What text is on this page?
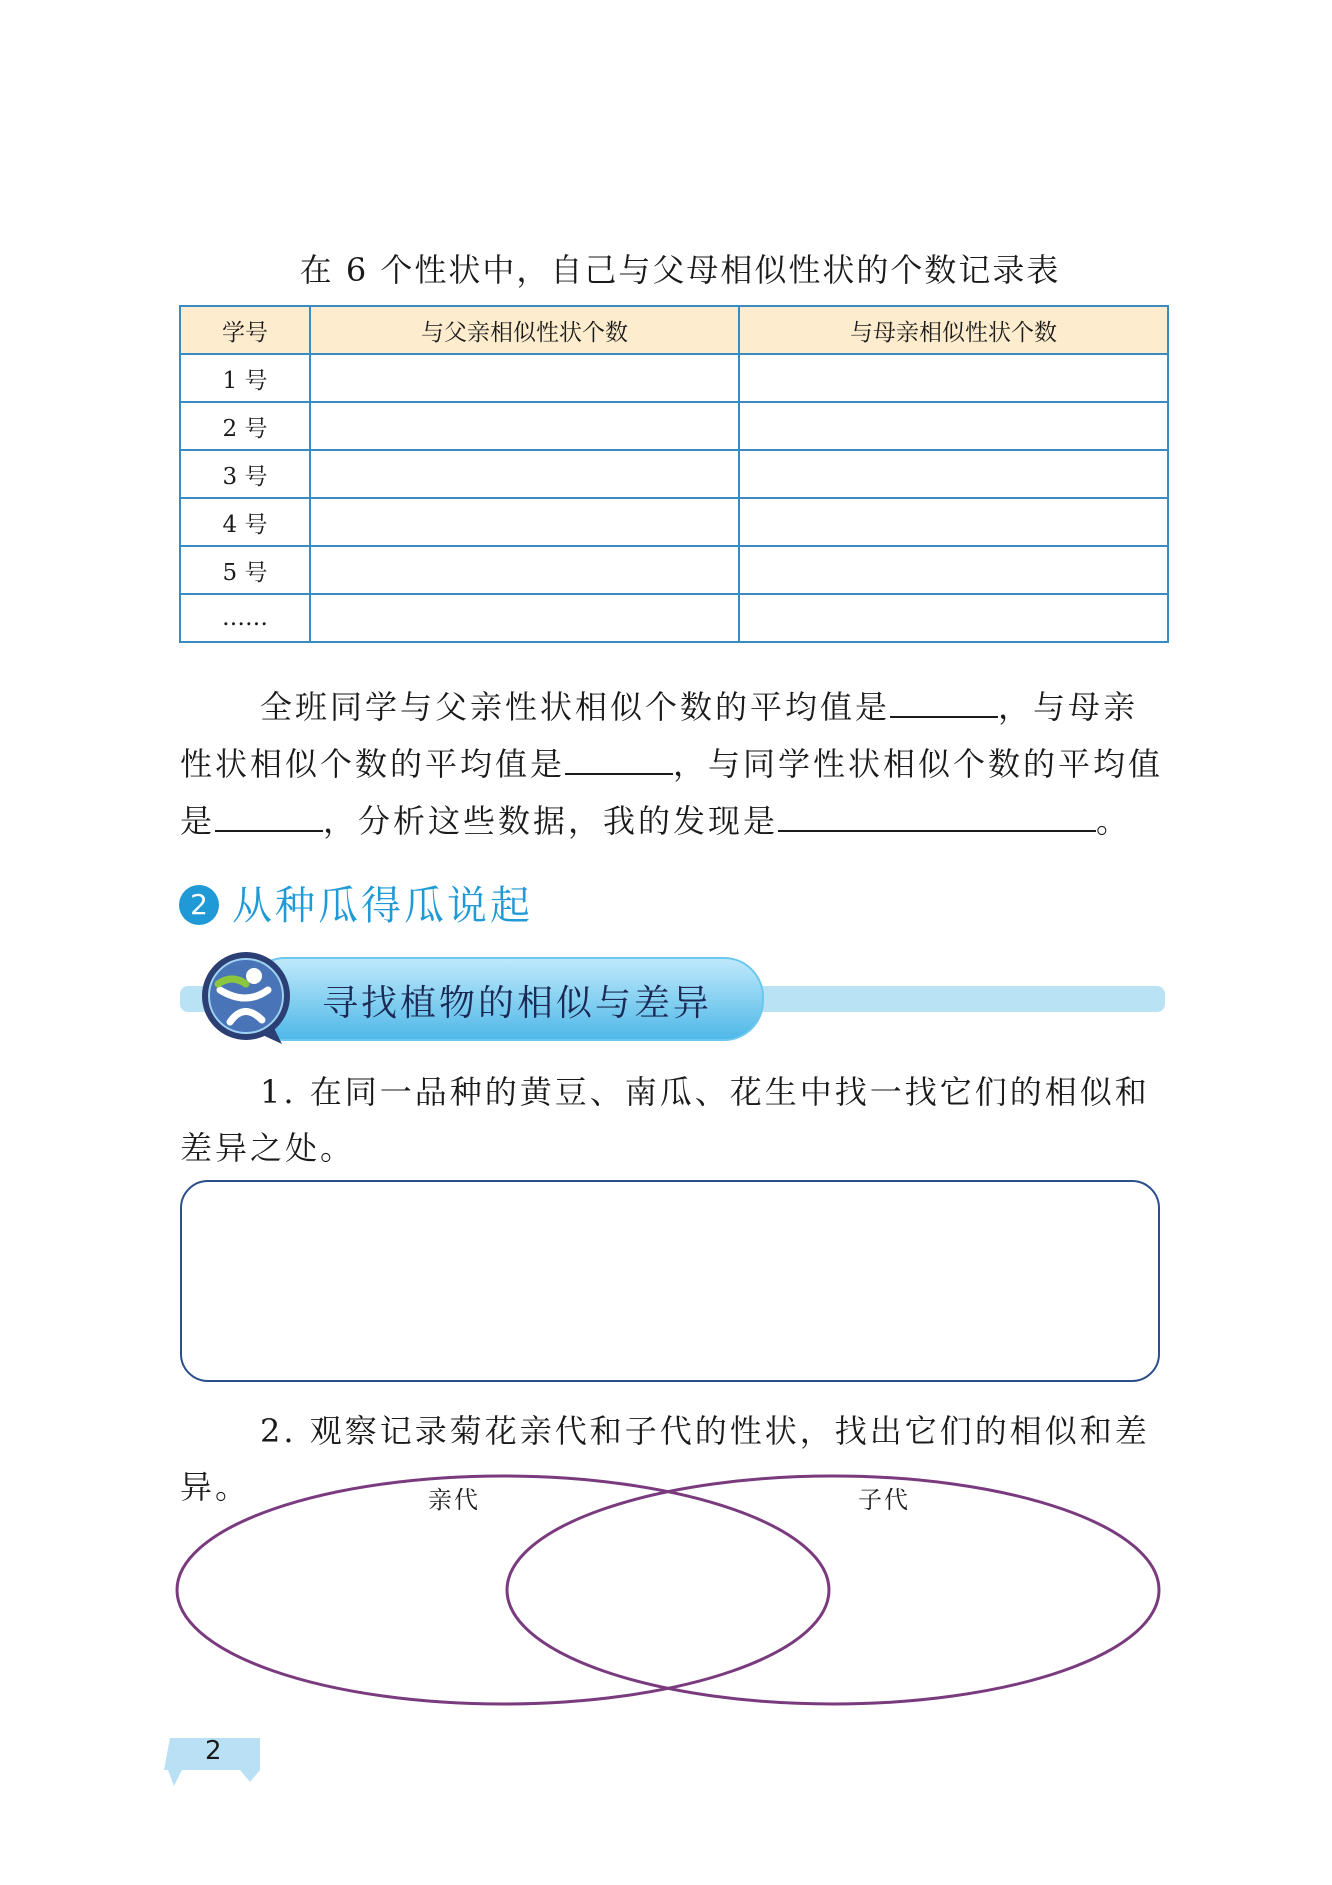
在 6 个性状中，自己与父母相似性状的个数记录表
学号	与父亲相似性状个数	与母亲相似性状个数
1 号		
2 号		
3 号		
4 号		
5 号		
……		
全班同学与父亲性状相似个数的平均值是	，与母亲性状相似个数的平均值是	，与同学性状相似个数的平均值是	，分析这些数据，我的发现是	。
2 从种瓜得瓜说起
寻找植物的相似与差异
1. 在同一品种的黄豆、南瓜、花生中找一找它们的相似和差异之处。
2. 观察记录菊花亲代和子代的性状，找出它们的相似和差异。	亲代	子代
2
